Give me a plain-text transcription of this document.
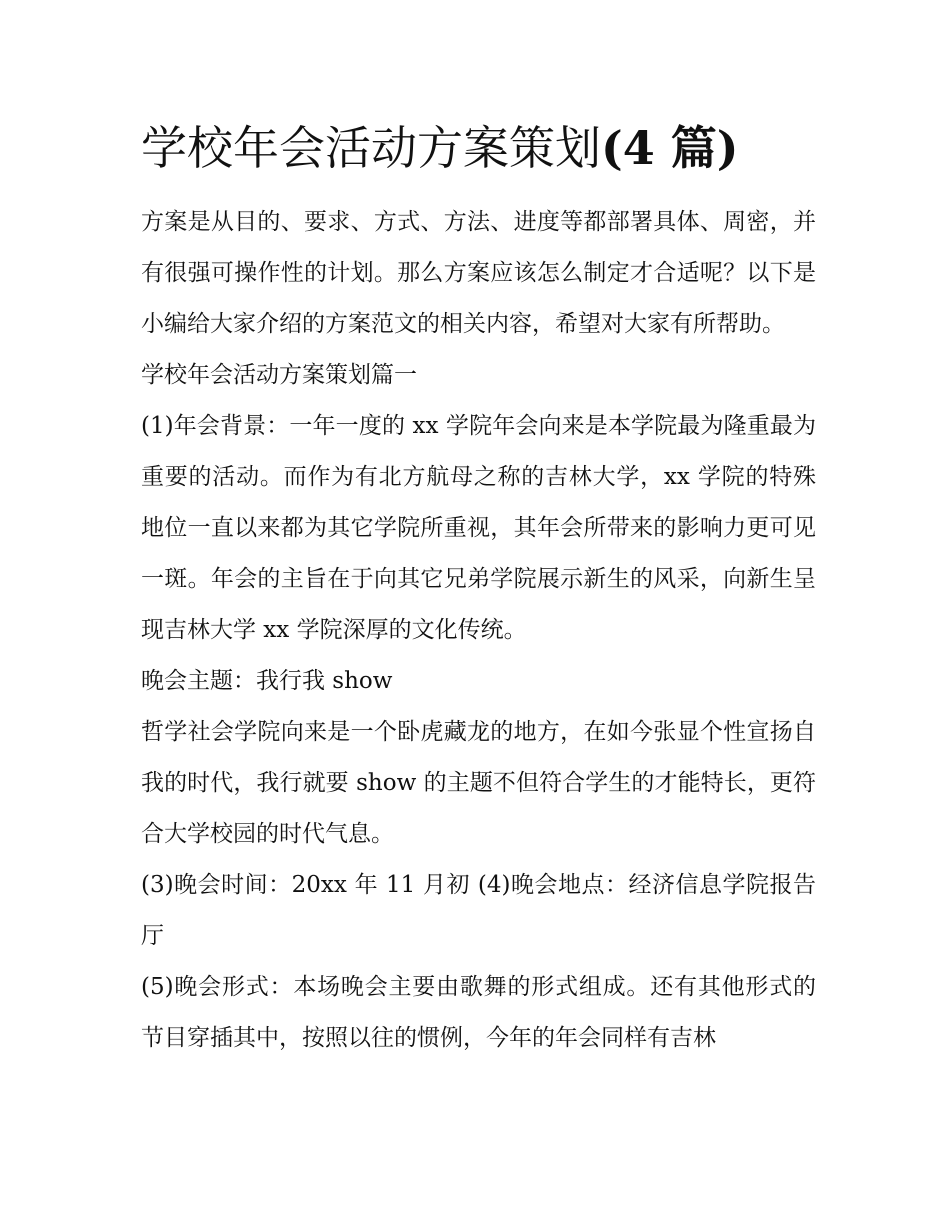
学校年会活动方案策划(4 篇)

方案是从目的、要求、方式、方法、进度等都部署具体、周密，并有很强可操作性的计划。那么方案应该怎么制定才合适呢？以下是小编给大家介绍的方案范文的相关内容，希望对大家有所帮助。

学校年会活动方案策划篇一

(1)年会背景：一年一度的 xx 学院年会向来是本学院最为隆重最为重要的活动。而作为有北方航母之称的吉林大学，xx 学院的特殊地位一直以来都为其它学院所重视，其年会所带来的影响力更可见一斑。年会的主旨在于向其它兄弟学院展示新生的风采，向新生呈现吉林大学 xx 学院深厚的文化传统。

晚会主题：我行我 show

哲学社会学院向来是一个卧虎藏龙的地方，在如今张显个性宣扬自我的时代，我行就要 show 的主题不但符合学生的才能特长，更符合大学校园的时代气息。

(3)晚会时间：20xx 年 11 月初 (4)晚会地点：经济信息学院报告厅

(5)晚会形式：本场晚会主要由歌舞的形式组成。还有其他形式的节目穿插其中，按照以往的惯例，今年的年会同样有吉林
